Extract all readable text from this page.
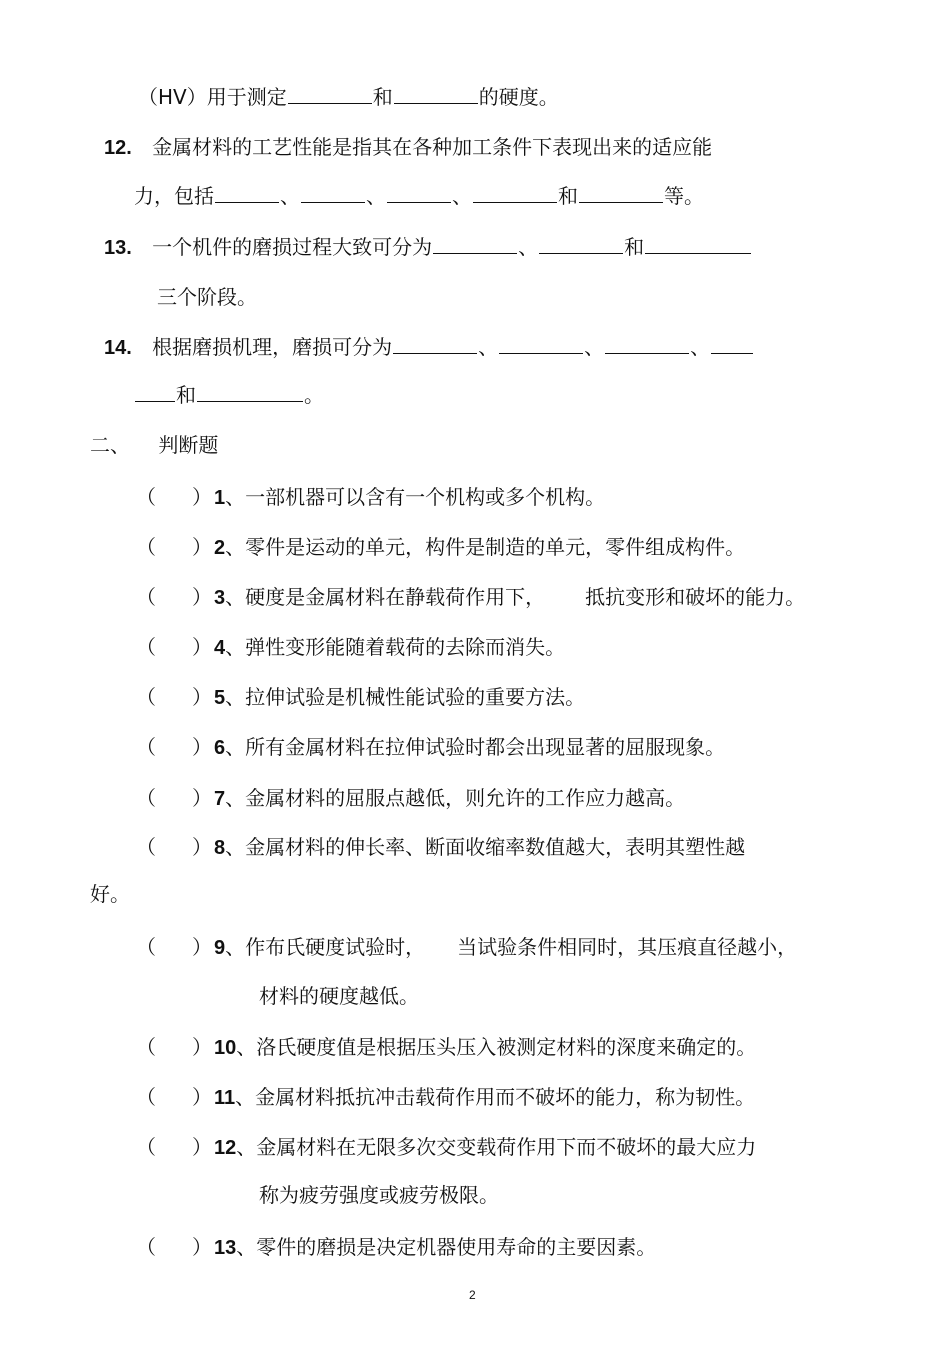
（HV）用于测定	和	的硬度。
12. 金属材料的工艺性能是指其在各种加工条件下表现出来的适应能
力，包括	、	、	、	和	等。
13. 一个机件的磨损过程大致可分为	、	和
三个阶段。
14. 根据磨损机理，磨损可分为	、	、	、
和	。
二、 判断题
（ ） 1、一部机器可以含有一个机构或多个机构。
（ ） 2、零件是运动的单元，构件是制造的单元，零件组成构件。
（ ） 3、硬度是金属材料在静载荷作用下， 抵抗变形和破坏的能力。
（ ） 4、弹性变形能随着载荷的去除而消失。
（ ） 5、拉伸试验是机械性能试验的重要方法。
（ ） 6、所有金属材料在拉伸试验时都会出现显著的屈服现象。
（ ） 7、金属材料的屈服点越低，则允许的工作应力越高。
（ ） 8、金属材料的伸长率、断面收缩率数值越大，表明其塑性越
好。
（ ） 9、作布氏硬度试验时， 当试验条件相同时，其压痕直径越小，
材料的硬度越低。
（ ） 10、洛氏硬度值是根据压头压入被测定材料的深度来确定的。
（ ） 11、金属材料抵抗冲击载荷作用而不破坏的能力，称为韧性。
（ ） 12、金属材料在无限多次交变载荷作用下而不破坏的最大应力
称为疲劳强度或疲劳极限。
（ ） 13、零件的磨损是决定机器使用寿命的主要因素。
2
